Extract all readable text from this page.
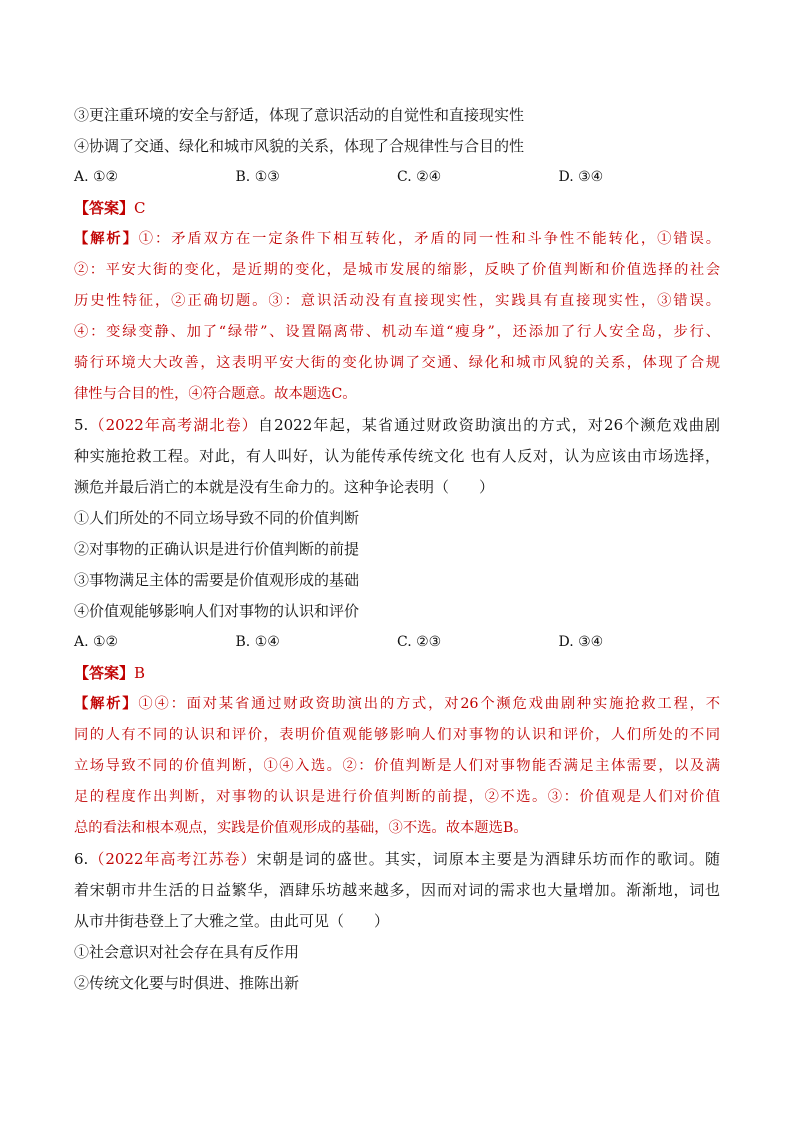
③更注重环境的安全与舒适，体现了意识活动的自觉性和直接现实性
④协调了交通、绿化和城市风貌的关系，体现了合规律性与合目的性
A. ①②	B. ①③	C. ②④	D. ③④
【答案】C
【解析】①：矛盾双方在一定条件下相互转化，矛盾的同一性和斗争性不能转化，①错误。
②：平安大街的变化，是近期的变化，是城市发展的缩影，反映了价值判断和价值选择的社会
历史性特征，②正确切题。③：意识活动没有直接现实性，实践具有直接现实性，③错误。
④：变绿变静、加了“绿带”、设置隔离带、机动车道“瘦身”，还添加了行人安全岛，步行、
骑行环境大大改善，这表明平安大街的变化协调了交通、绿化和城市风貌的关系，体现了合规
律性与合目的性，④符合题意。故本题选C。
5.（2022年高考湖北卷）自2022年起，某省通过财政资助演出的方式，对26个濒危戏曲剧
种实施抢救工程。对此，有人叫好，认为能传承传统文化 也有人反对，认为应该由市场选择，
濒危并最后消亡的本就是没有生命力的。这种争论表明（　　）
①人们所处的不同立场导致不同的价值判断
②对事物的正确认识是进行价值判断的前提
③事物满足主体的需要是价值观形成的基础
④价值观能够影响人们对事物的认识和评价
A. ①②	B. ①④	C. ②③	D. ③④
【答案】B
【解析】①④：面对某省通过财政资助演出的方式，对26个濒危戏曲剧种实施抢救工程，不
同的人有不同的认识和评价，表明价值观能够影响人们对事物的认识和评价，人们所处的不同
立场导致不同的价值判断，①④入选。②：价值判断是人们对事物能否满足主体需要，以及满
足的程度作出判断，对事物的认识是进行价值判断的前提，②不选。③：价值观是人们对价值
总的看法和根本观点，实践是价值观形成的基础，③不选。故本题选B。
6.（2022年高考江苏卷）宋朝是词的盛世。其实，词原本主要是为酒肆乐坊而作的歌词。随
着宋朝市井生活的日益繁华，酒肆乐坊越来越多，因而对词的需求也大量增加。渐渐地，词也
从市井街巷登上了大雅之堂。由此可见（　　）
①社会意识对社会存在具有反作用
②传统文化要与时俱进、推陈出新
